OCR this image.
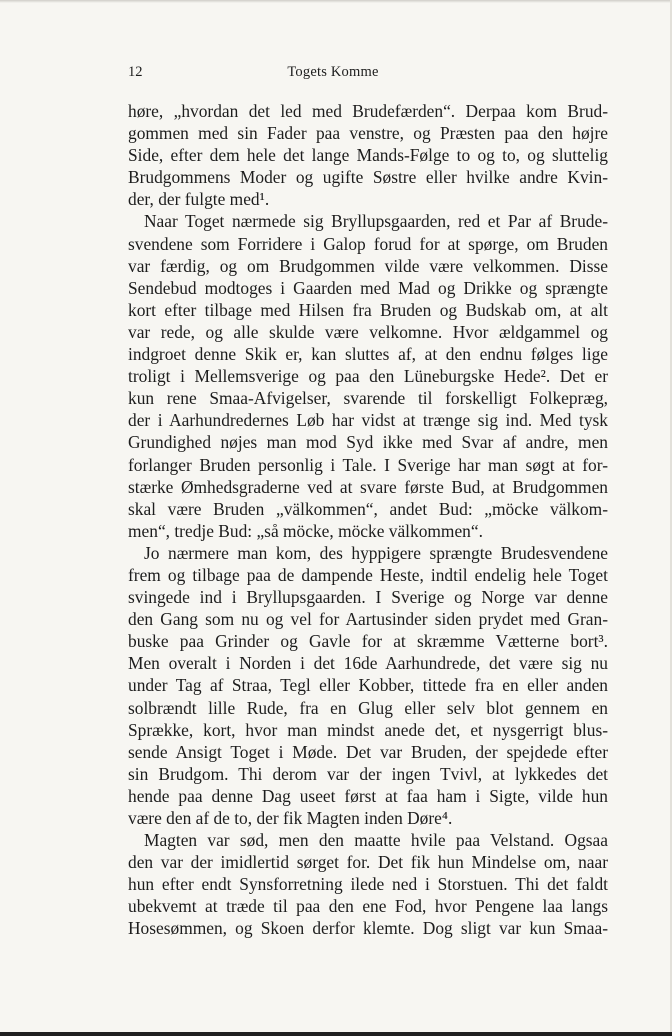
12	Togets Komme
høre, „hvordan det led med Brudefærden“. Derpaa kom Brud-
gommen med sin Fader paa venstre, og Præsten paa den højre
Side, efter dem hele det lange Mands-Følge to og to, og sluttelig
Brudgommens Moder og ugifte Søstre eller hvilke andre Kvin-
der, der fulgte med¹.
Naar Toget nærmede sig Bryllupsgaarden, red et Par af Brude-
svendene som Forridere i Galop forud for at spørge, om Bruden
var færdig, og om Brudgommen vilde være velkommen. Disse
Sendebud modtoges i Gaarden med Mad og Drikke og sprængte
kort efter tilbage med Hilsen fra Bruden og Budskab om, at alt
var rede, og alle skulde være velkomne. Hvor ældgammel og
indgroet denne Skik er, kan sluttes af, at den endnu følges lige
troligt i Mellemsverige og paa den Lüneburgske Hede². Det er
kun rene Smaa-Afvigelser, svarende til forskelligt Folkepræg,
der i Aarhundredernes Løb har vidst at trænge sig ind. Med tysk
Grundighed nøjes man mod Syd ikke med Svar af andre, men
forlanger Bruden personlig i Tale. I Sverige har man søgt at for-
stærke Ømhedsgraderne ved at svare første Bud, at Brudgommen
skal være Bruden „välkommen“, andet Bud: „möcke välkom-
men“, tredje Bud: „så möcke, möcke välkommen“.
Jo nærmere man kom, des hyppigere sprængte Brudesvendene
frem og tilbage paa de dampende Heste, indtil endelig hele Toget
svingede ind i Bryllupsgaarden. I Sverige og Norge var denne
den Gang som nu og vel for Aartusinder siden prydet med Gran-
buske paa Grinder og Gavle for at skræmme Vætterne bort³.
Men overalt i Norden i det 16de Aarhundrede, det være sig nu
under Tag af Straa, Tegl eller Kobber, tittede fra en eller anden
solbrændt lille Rude, fra en Glug eller selv blot gennem en
Sprække, kort, hvor man mindst anede det, et nysgerrigt blus-
sende Ansigt Toget i Møde. Det var Bruden, der spejdede efter
sin Brudgom. Thi derom var der ingen Tvivl, at lykkedes det
hende paa denne Dag useet først at faa ham i Sigte, vilde hun
være den af de to, der fik Magten inden Døre⁴.
Magten var sød, men den maatte hvile paa Velstand. Ogsaa
den var der imidlertid sørget for. Det fik hun Mindelse om, naar
hun efter endt Synsforretning ilede ned i Storstuen. Thi det faldt
ubekvemt at træde til paa den ene Fod, hvor Pengene laa langs
Hosesømmen, og Skoen derfor klemte. Dog sligt var kun Smaa-
